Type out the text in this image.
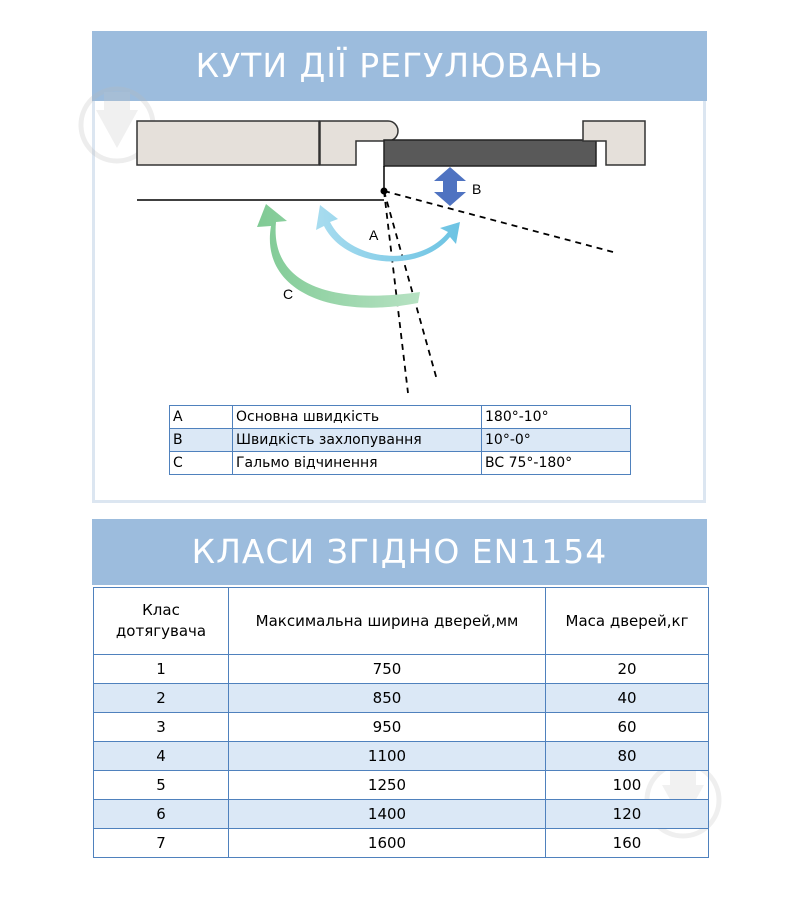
КУТИ ДІЇ РЕГУЛЮВАНЬ
A
B
C
A	Основна швидкість	180°-10°
B	Швидкість захлопування	10°-0°
C	Гальмо відчинення	BC 75°-180°
КЛАСИ ЗГІДНО EN1154
Клас
дотягувача	Максимальна ширина дверей,мм	Маса дверей,кг
1	750	20
2	850	40
3	950	60
4	1100	80
5	1250	100
6	1400	120
7	1600	160
